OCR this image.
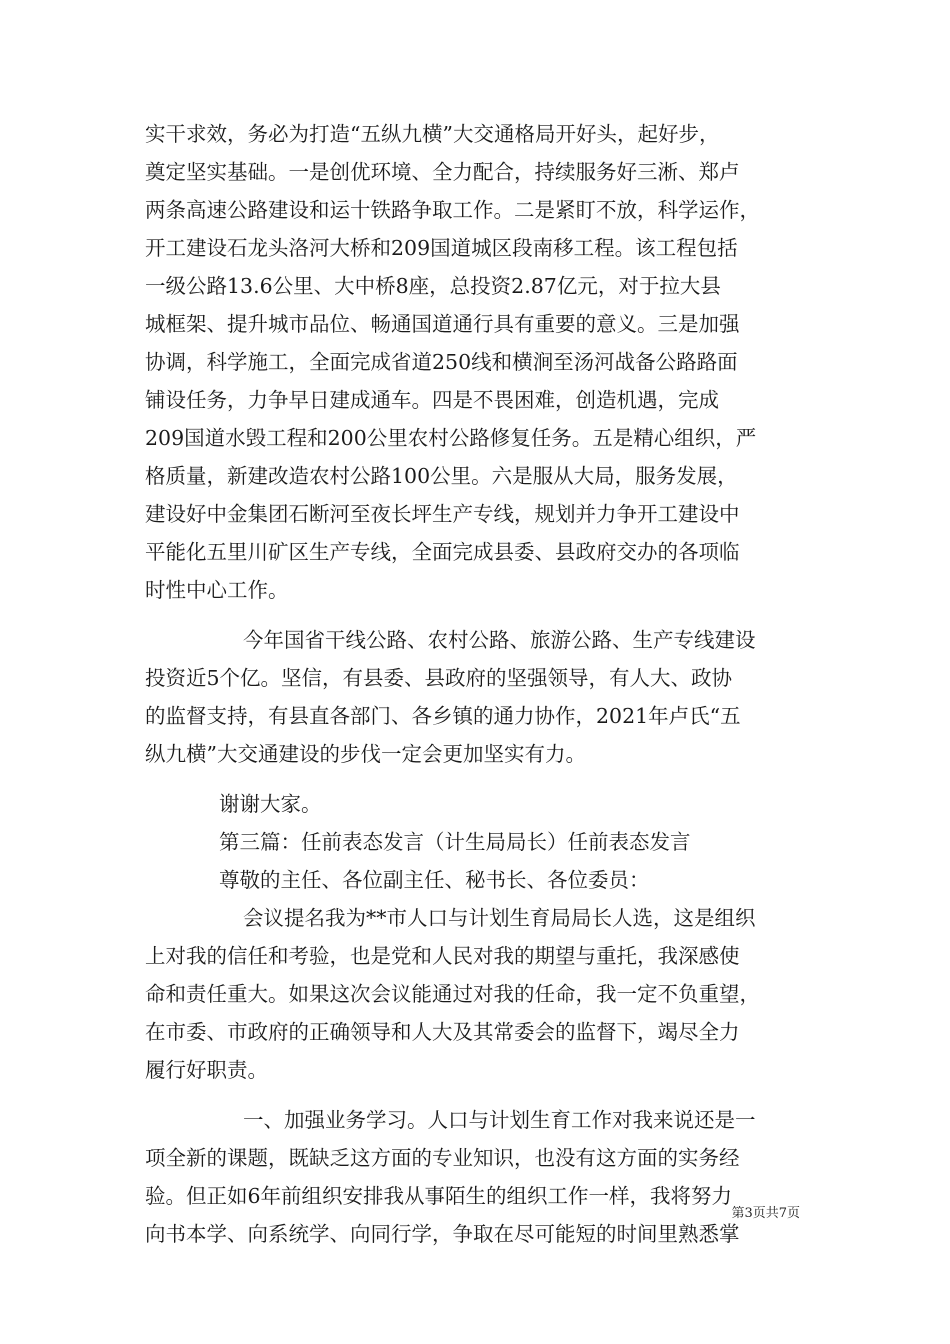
实干求效，务必为打造“五纵九横”大交通格局开好头，起好步，
奠定坚实基础。一是创优环境、全力配合，持续服务好三淅、郑卢
两条高速公路建设和运十铁路争取工作。二是紧盯不放，科学运作，
开工建设石龙头洛河大桥和209国道城区段南移工程。该工程包括
一级公路13.6公里、大中桥8座，总投资2.87亿元，对于拉大县
城框架、提升城市品位、畅通国道通行具有重要的意义。三是加强
协调，科学施工，全面完成省道250线和横涧至汤河战备公路路面
铺设任务，力争早日建成通车。四是不畏困难，创造机遇，完成
209国道水毁工程和200公里农村公路修复任务。五是精心组织，严
格质量，新建改造农村公路100公里。六是服从大局，服务发展，
建设好中金集团石断河至夜长坪生产专线，规划并力争开工建设中
平能化五里川矿区生产专线，全面完成县委、县政府交办的各项临
时性中心工作。
今年国省干线公路、农村公路、旅游公路、生产专线建设
投资近5个亿。坚信，有县委、县政府的坚强领导，有人大、政协
的监督支持，有县直各部门、各乡镇的通力协作，2021年卢氏“五
纵九横”大交通建设的步伐一定会更加坚实有力。
谢谢大家。
第三篇：任前表态发言（计生局局长）任前表态发言
尊敬的主任、各位副主任、秘书长、各位委员：
会议提名我为**市人口与计划生育局局长人选，这是组织
上对我的信任和考验，也是党和人民对我的期望与重托，我深感使
命和责任重大。如果这次会议能通过对我的任命，我一定不负重望，
在市委、市政府的正确领导和人大及其常委会的监督下，竭尽全力
履行好职责。
一、加强业务学习。人口与计划生育工作对我来说还是一
项全新的课题，既缺乏这方面的专业知识，也没有这方面的实务经
验。但正如6年前组织安排我从事陌生的组织工作一样，我将努力
向书本学、向系统学、向同行学，争取在尽可能短的时间里熟悉掌
第3页共7页
